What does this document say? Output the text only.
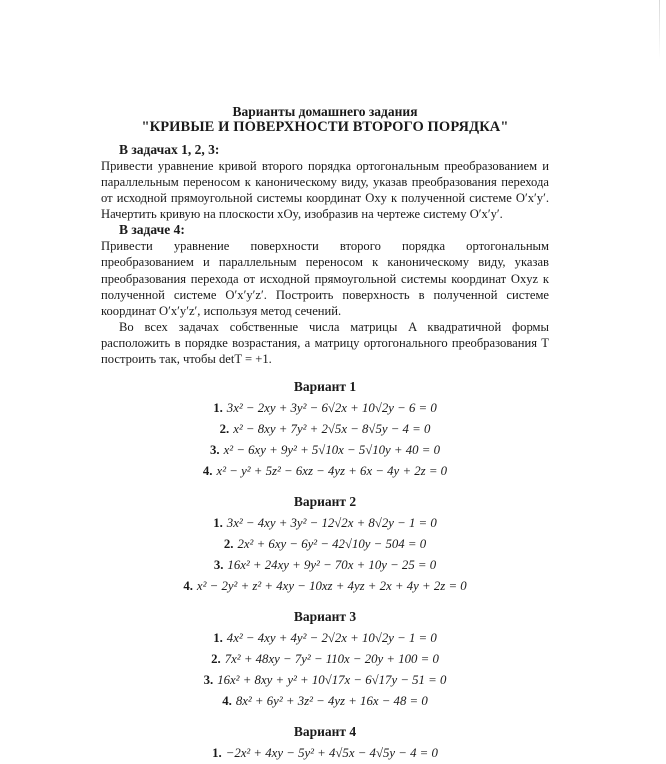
Варианты домашнего задания

"КРИВЫЕ И ПОВЕРХНОСТИ ВТОРОГО ПОРЯДКА"

В задачах 1, 2, 3:

Привести уравнение кривой второго порядка ортогональным преобразованием и параллельным переносом к каноническому виду, указав преобразования перехода от исходной прямоугольной системы координат Oxy к полученной системе O′x′y′. Начертить кривую на плоскости xOy, изобразив на чертеже систему O′x′y′.

В задаче 4:

Привести уравнение поверхности второго порядка ортогональным преобразованием и параллельным переносом к каноническому виду, указав преобразования перехода от исходной прямоугольной системы координат Oxyz к полученной системе O′x′y′z′. Построить поверхность в полученной системе координат O′x′y′z′, используя метод сечений.

Во всех задачах собственные числа матрицы A квадратичной формы расположить в порядке возрастания, а матрицу ортогонального преобразования T построить так, чтобы detT = +1.

Вариант 1

1. 3x² − 2xy + 3y² − 6√2x + 10√2y − 6 = 0

2. x² − 8xy + 7y² + 2√5x − 8√5y − 4 = 0

3. x² − 6xy + 9y² + 5√10x − 5√10y + 40 = 0

4. x² − y² + 5z² − 6xz − 4yz + 6x − 4y + 2z = 0

Вариант 2

1. 3x² − 4xy + 3y² − 12√2x + 8√2y − 1 = 0

2. 2x² + 6xy − 6y² − 42√10y − 504 = 0

3. 16x² + 24xy + 9y² − 70x + 10y − 25 = 0

4. x² − 2y² + z² + 4xy − 10xz + 4yz + 2x + 4y + 2z = 0

Вариант 3

1. 4x² − 4xy + 4y² − 2√2x + 10√2y − 1 = 0

2. 7x² + 48xy − 7y² − 110x − 20y + 100 = 0

3. 16x² + 8xy + y² + 10√17x − 6√17y − 51 = 0

4. 8x² + 6y² + 3z² − 4yz + 16x − 48 = 0

Вариант 4

1. −2x² + 4xy − 5y² + 4√5x − 4√5y − 4 = 0
